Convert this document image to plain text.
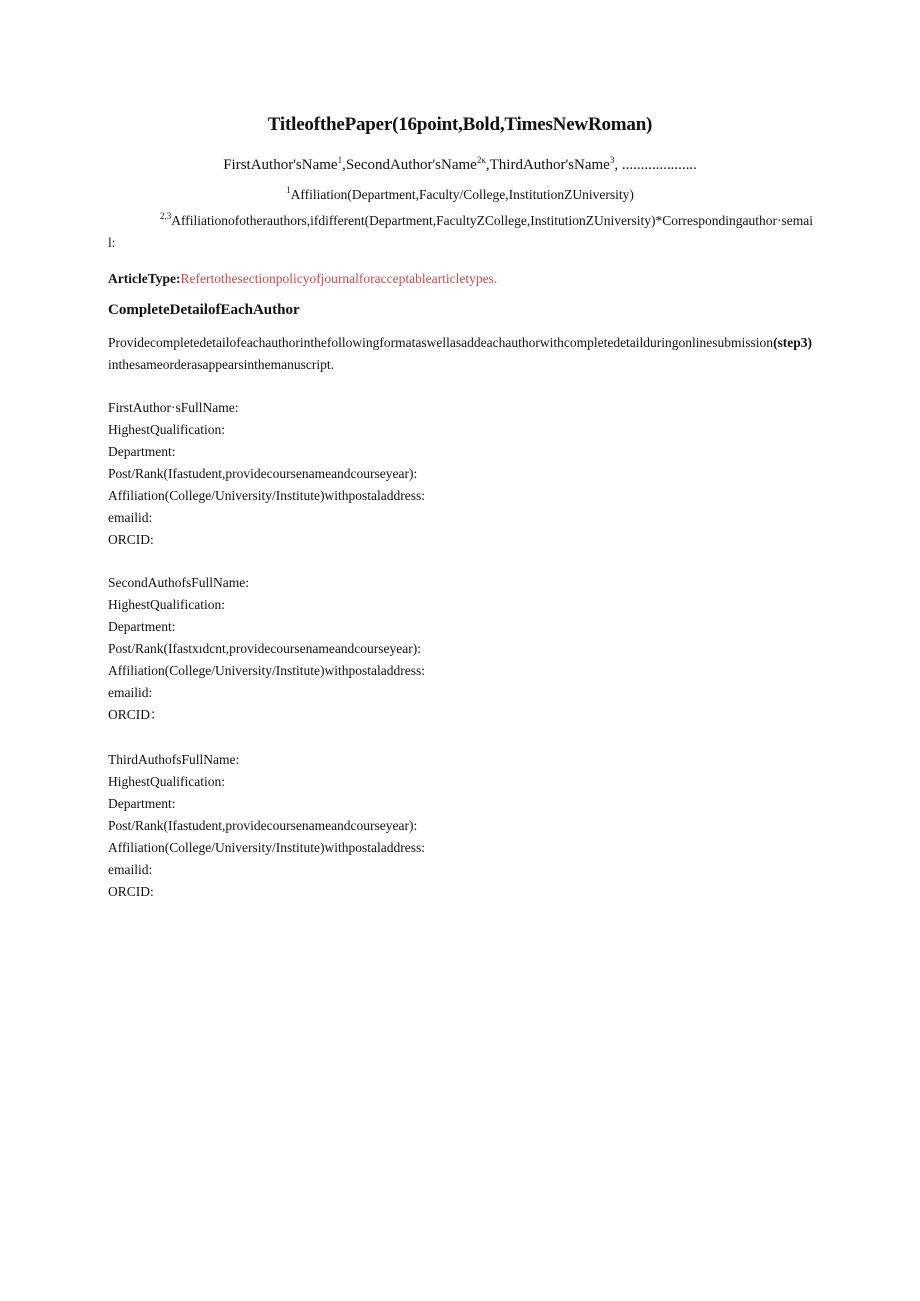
TitleofthePaper(16point,Bold,TimesNewRoman)
FirstAuthor'sName$^1$,SecondAuthor'sName$^{2\kappa}$,ThirdAuthor'sName$^3$, ....................
$^1$Affiliation(Department,Faculty/College,InstitutionZUniversity)
$^{2,3}$Affiliationofotherauthors,ifdifferent(Department,FacultyZCollege,InstitutionZUniversity)*Correspondingauthor·semail:
ArticleType:Refertothesectionpolicyofjournalforacceptablearticletypes.
CompleteDetailofEachAuthor
Providecompletedetailofeachauthorinthefollowingformataswellasaddeachauthorwithcompletedetailduringonlinesubmission(step3)inthesameorderasappearsinthemanuscript.
FirstAuthor·sFullName:
HighestQualification:
Department:
Post/Rank(Ifastudent,providecoursenameandcourseyear):
Affiliation(College/University/Institute)withpostaladdress:
emailid:
ORCID:
SecondAuthofsFullName:
HighestQualification:
Department:
Post/Rank(Ifastxıdcnt,providecoursenameandcourseyear):
Affiliation(College/University/Institute)withpostaladdress:
emailid:
ORCID：
ThirdAuthofsFullName:
HighestQualification:
Department:
Post/Rank(Ifastudent,providecoursenameandcourseyear):
Affiliation(College/University/Institute)withpostaladdress:
emailid:
ORCID:
